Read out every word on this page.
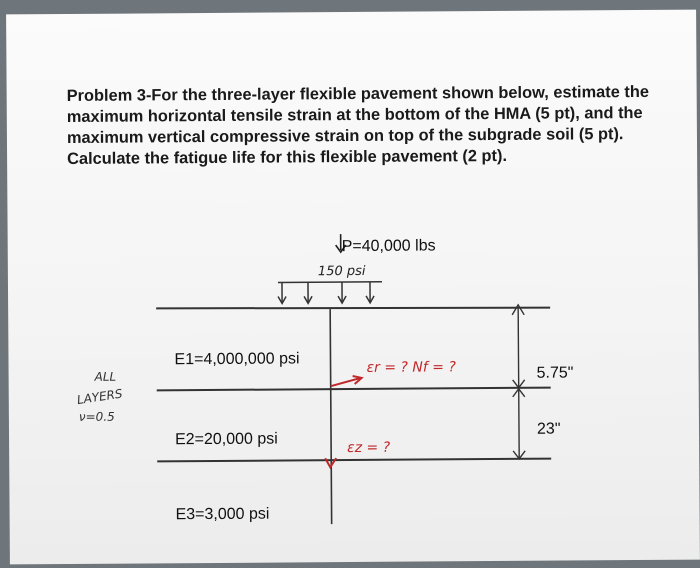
Problem 3-For the three-layer flexible pavement shown below, estimate the
maximum horizontal tensile strain at the bottom of the HMA (5 pt), and the
maximum vertical compressive strain on top of the subgrade soil (5 pt).
Calculate the fatigue life for this flexible pavement (2 pt).
P=40,000 lbs
150 psi
E1=4,000,000 psi
E2=20,000 psi
E3=3,000 psi
5.75"
23"
ALL
LAYERS
ν=0.5
εr = ? Nf = ?
εz = ?
